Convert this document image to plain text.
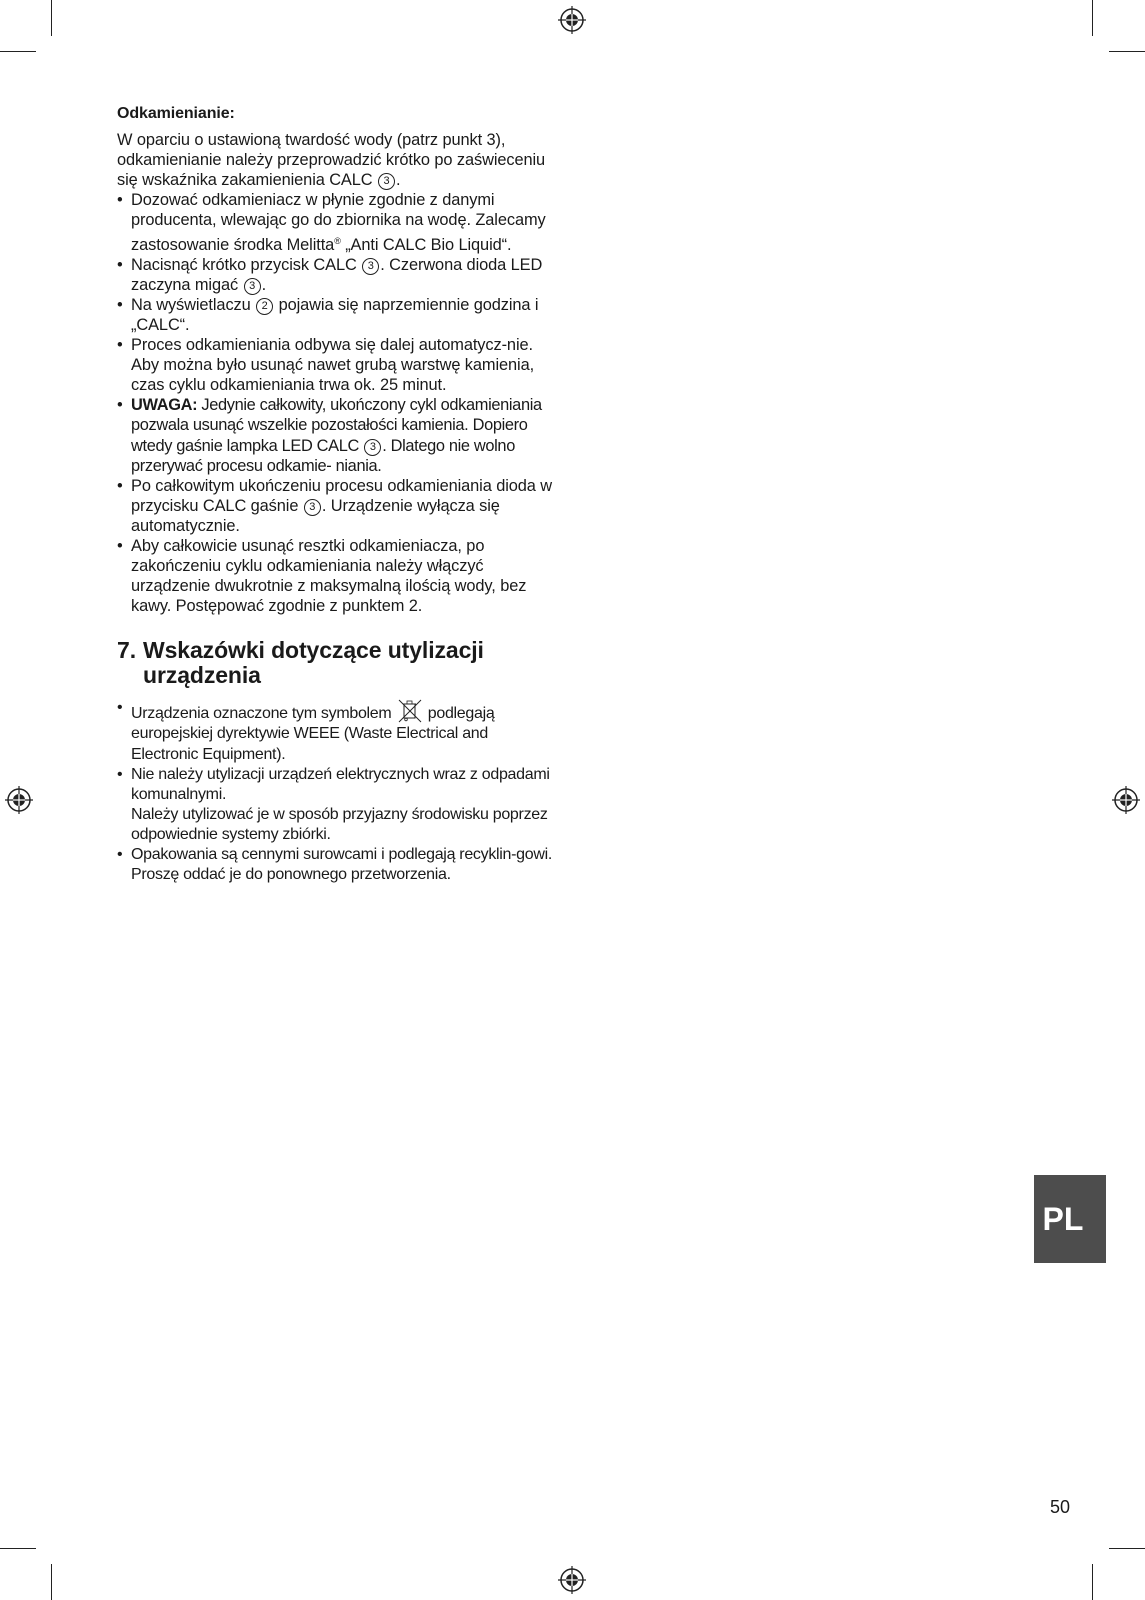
Odkamienianie:

W oparciu o ustawioną twardość wody (patrz punkt 3), odkamienianie należy przeprowadzić krótko po zaświeceniu się wskaźnika zakamienienia CALC 3 .

• Dozować odkamieniacz w płynie zgodnie z danymi producenta, wlewając go do zbiornika na wodę. Zalecamy zastosowanie środka Melitta® „Anti CALC Bio Liquid“.
• Nacisnąć krótko przycisk CALC 3 . Czerwona dioda LED zaczyna migać 3 .
• Na wyświetlaczu 2 pojawia się naprzemiennie godzina i „CALC“.
• Proces odkamieniania odbywa się dalej automatycz-nie. Aby można było usunąć nawet grubą warstwę kamienia, czas cyklu odkamieniania trwa ok. 25 minut.
• UWAGA: Jedynie całkowity, ukończony cykl odkamieniania pozwala usunąć wszelkie pozostałości kamienia. Dopiero wtedy gaśnie lampka LED CALC 3 . Dlatego nie wolno przerywać procesu odkamie- niania.
• Po całkowitym ukończeniu procesu odkamieniania dioda w przycisku CALC gaśnie 3 . Urządzenie wyłącza się automatycznie.
• Aby całkowicie usunąć resztki odkamieniacza, po zakończeniu cyklu odkamieniania należy włączyć urządzenie dwukrotnie z maksymalną ilością wody, bez kawy. Postępować zgodnie z punktem 2.
7. Wskazówki dotyczące utylizacji urządzenia
• Urządzenia oznaczone tym symbolem  podlegają europejskiej dyrektywie WEEE (Waste Electrical and Electronic Equipment).
• Nie należy utylizacji urządzeń elektrycznych wraz z odpadami komunalnymi.
Należy utylizować je w sposób przyjazny środowisku poprzez
odpowiednie systemy zbiórki.
• Opakowania są cennymi surowcami i podlegają recyklin-gowi. Proszę oddać je do ponownego przetworzenia.
PL
50
